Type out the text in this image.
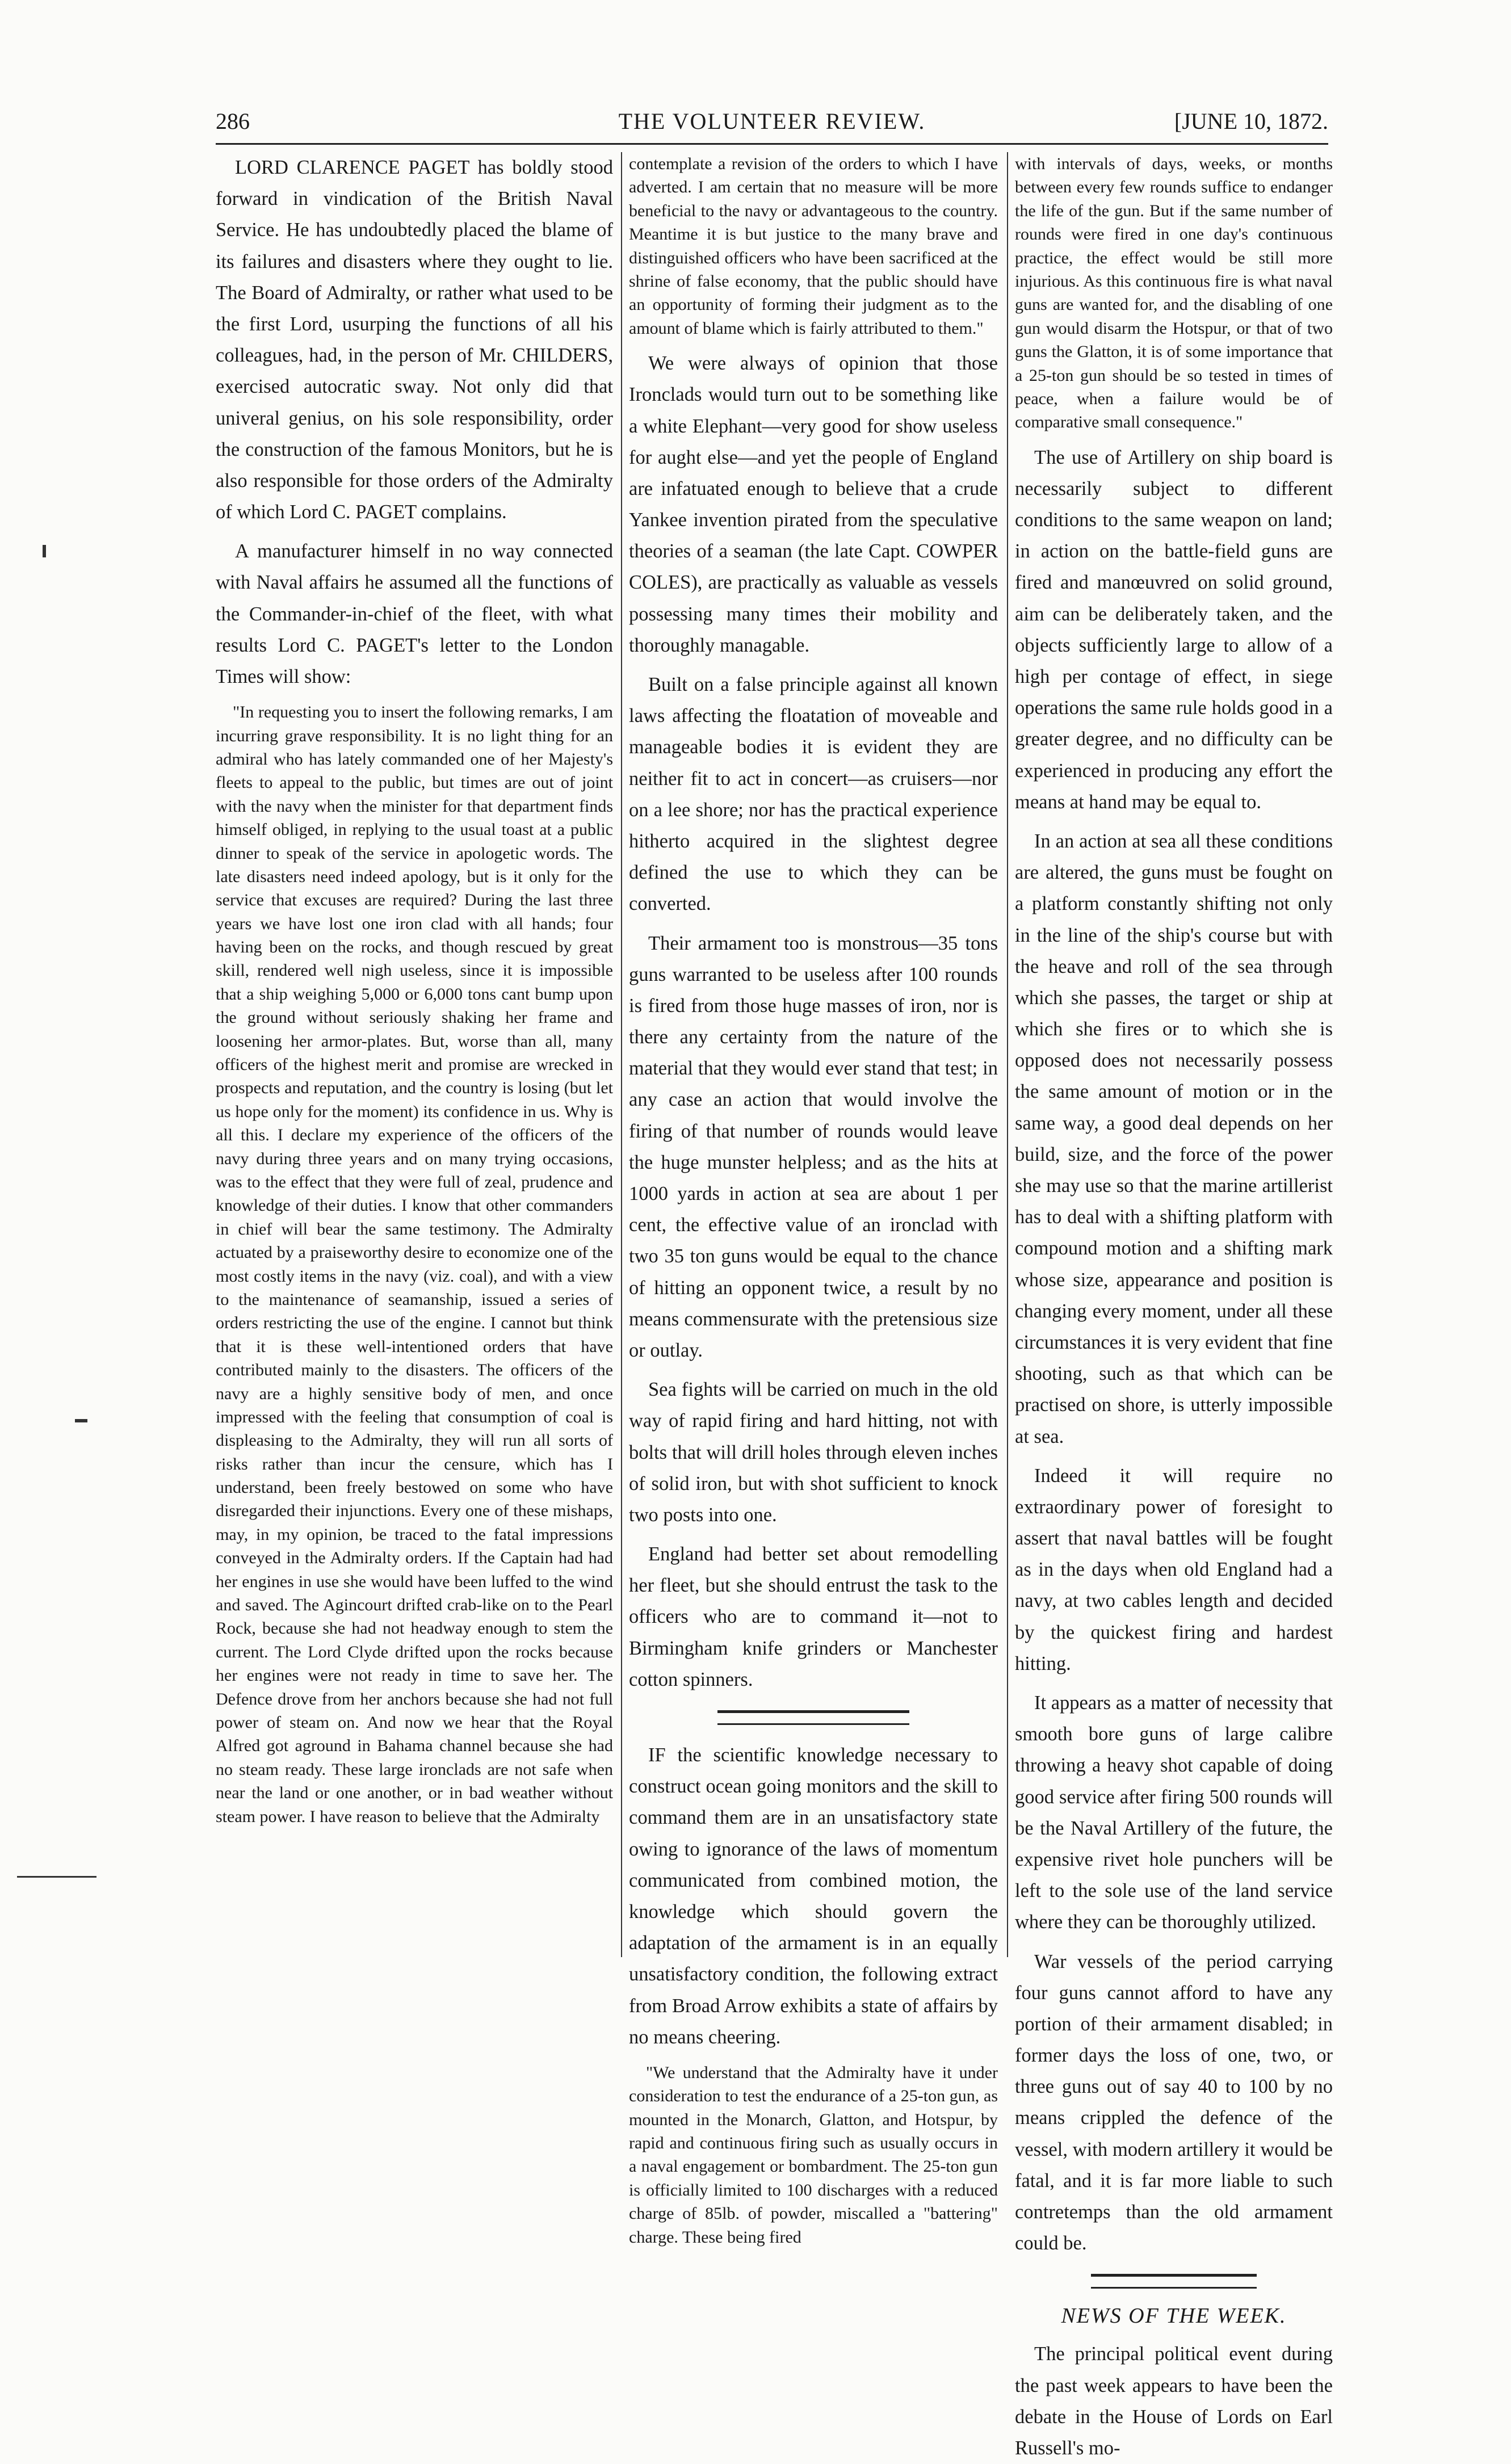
286	THE VOLUNTEER REVIEW.	[JUNE 10, 1872.

LORD CLARENCE PAGET has boldly stood forward in vindication of the British Naval Service. He has undoubtedly placed the blame of its failures and disasters where they ought to lie. The Board of Admiralty, or rather what used to be the first Lord, usurping the functions of all his colleagues, had, in the person of Mr. CHILDERS, exercised autocratic sway. Not only did that univeral genius, on his sole responsibility, order the construction of the famous Monitors, but he is also responsible for those orders of the Admiralty of which Lord C. PAGET complains.

A manufacturer himself in no way connected with Naval affairs he assumed all the functions of the Commander-in-chief of the fleet, with what results Lord C. PAGET's letter to the London Times will show:

"In requesting you to insert the following remarks, I am incurring grave responsibility. It is no light thing for an admiral who has lately commanded one of her Majesty's fleets to appeal to the public, but times are out of joint with the navy when the minister for that department finds himself obliged, in replying to the usual toast at a public dinner to speak of the service in apologetic words. The late disasters need indeed apology, but is it only for the service that excuses are required? During the last three years we have lost one iron clad with all hands; four having been on the rocks, and though rescued by great skill, rendered well nigh useless, since it is impossible that a ship weighing 5,000 or 6,000 tons cant bump upon the ground without seriously shaking her frame and loosening her armor-plates. But, worse than all, many officers of the highest merit and promise are wrecked in prospects and reputation, and the country is losing (but let us hope only for the moment) its confidence in us. Why is all this. I declare my experience of the officers of the navy during three years and on many trying occasions, was to the effect that they were full of zeal, prudence and knowledge of their duties. I know that other commanders in chief will bear the same testimony. The Admiralty actuated by a praiseworthy desire to economize one of the most costly items in the navy (viz. coal), and with a view to the maintenance of seamanship, issued a series of orders restricting the use of the engine. I cannot but think that it is these well-intentioned orders that have contributed mainly to the disasters. The officers of the navy are a highly sensitive body of men, and once impressed with the feeling that consumption of coal is displeasing to the Admiralty, they will run all sorts of risks rather than incur the censure, which has I understand, been freely bestowed on some who have disregarded their injunctions. Every one of these mishaps, may, in my opinion, be traced to the fatal impressions conveyed in the Admiralty orders. If the Captain had had her engines in use she would have been luffed to the wind and saved. The Agincourt drifted crab-like on to the Pearl Rock, because she had not headway enough to stem the current. The Lord Clyde drifted upon the rocks because her engines were not ready in time to save her. The Defence drove from her anchors because she had not full power of steam on. And now we hear that the Royal Alfred got aground in Bahama channel because she had no steam ready. These large ironclads are not safe when near the land or one another, or in bad weather without steam power. I have reason to believe that the Admiralty

contemplate a revision of the orders to which I have adverted. I am certain that no measure will be more beneficial to the navy or advantageous to the country. Meantime it is but justice to the many brave and distinguished officers who have been sacrificed at the shrine of false economy, that the public should have an opportunity of forming their judgment as to the amount of blame which is fairly attributed to them."

We were always of opinion that those Ironclads would turn out to be something like a white Elephant—very good for show useless for aught else—and yet the people of England are infatuated enough to believe that a crude Yankee invention pirated from the speculative theories of a seaman (the late Capt. COWPER COLES), are practically as valuable as vessels possessing many times their mobility and thoroughly managable.

Built on a false principle against all known laws affecting the floatation of moveable and manageable bodies it is evident they are neither fit to act in concert—as cruisers—nor on a lee shore; nor has the practical experience hitherto acquired in the slightest degree defined the use to which they can be converted.

Their armament too is monstrous—35 tons guns warranted to be useless after 100 rounds is fired from those huge masses of iron, nor is there any certainty from the nature of the material that they would ever stand that test; in any case an action that would involve the firing of that number of rounds would leave the huge munster helpless; and as the hits at 1000 yards in action at sea are about 1 per cent, the effective value of an ironclad with two 35 ton guns would be equal to the chance of hitting an opponent twice, a result by no means commensurate with the pretensious size or outlay.

Sea fights will be carried on much in the old way of rapid firing and hard hitting, not with bolts that will drill holes through eleven inches of solid iron, but with shot sufficient to knock two posts into one.

England had better set about remodelling her fleet, but she should entrust the task to the officers who are to command it—not to Birmingham knife grinders or Manchester cotton spinners.

IF the scientific knowledge necessary to construct ocean going monitors and the skill to command them are in an unsatisfactory state owing to ignorance of the laws of momentum communicated from combined motion, the knowledge which should govern the adaptation of the armament is in an equally unsatisfactory condition, the following extract from Broad Arrow exhibits a state of affairs by no means cheering.

"We understand that the Admiralty have it under consideration to test the endurance of a 25-ton gun, as mounted in the Monarch, Glatton, and Hotspur, by rapid and continuous firing such as usually occurs in a naval engagement or bombardment. The 25-ton gun is officially limited to 100 discharges with a reduced charge of 85lb. of powder, miscalled a "battering" charge. These being fired

with intervals of days, weeks, or months between every few rounds suffice to endanger the life of the gun. But if the same number of rounds were fired in one day's continuous practice, the effect would be still more injurious. As this continuous fire is what naval guns are wanted for, and the disabling of one gun would disarm the Hotspur, or that of two guns the Glatton, it is of some importance that a 25-ton gun should be so tested in times of peace, when a failure would be of comparative small consequence."

The use of Artillery on ship board is necessarily subject to different conditions to the same weapon on land; in action on the battle-field guns are fired and manœuvred on solid ground, aim can be deliberately taken, and the objects sufficiently large to allow of a high per contage of effect, in siege operations the same rule holds good in a greater degree, and no difficulty can be experienced in producing any effort the means at hand may be equal to.

In an action at sea all these conditions are altered, the guns must be fought on a platform constantly shifting not only in the line of the ship's course but with the heave and roll of the sea through which she passes, the target or ship at which she fires or to which she is opposed does not necessarily possess the same amount of motion or in the same way, a good deal depends on her build, size, and the force of the power she may use so that the marine artillerist has to deal with a shifting platform with compound motion and a shifting mark whose size, appearance and position is changing every moment, under all these circumstances it is very evident that fine shooting, such as that which can be practised on shore, is utterly impossible at sea.

Indeed it will require no extraordinary power of foresight to assert that naval battles will be fought as in the days when old England had a navy, at two cables length and decided by the quickest firing and hardest hitting.

It appears as a matter of necessity that smooth bore guns of large calibre throwing a heavy shot capable of doing good service after firing 500 rounds will be the Naval Artillery of the future, the expensive rivet hole punchers will be left to the sole use of the land service where they can be thoroughly utilized.

War vessels of the period carrying four guns cannot afford to have any portion of their armament disabled; in former days the loss of one, two, or three guns out of say 40 to 100 by no means crippled the defence of the vessel, with modern artillery it would be fatal, and it is far more liable to such contretemps than the old armament could be.

NEWS OF THE WEEK.

The principal political event during the past week appears to have been the debate in the House of Lords on Earl Russell's mo-
